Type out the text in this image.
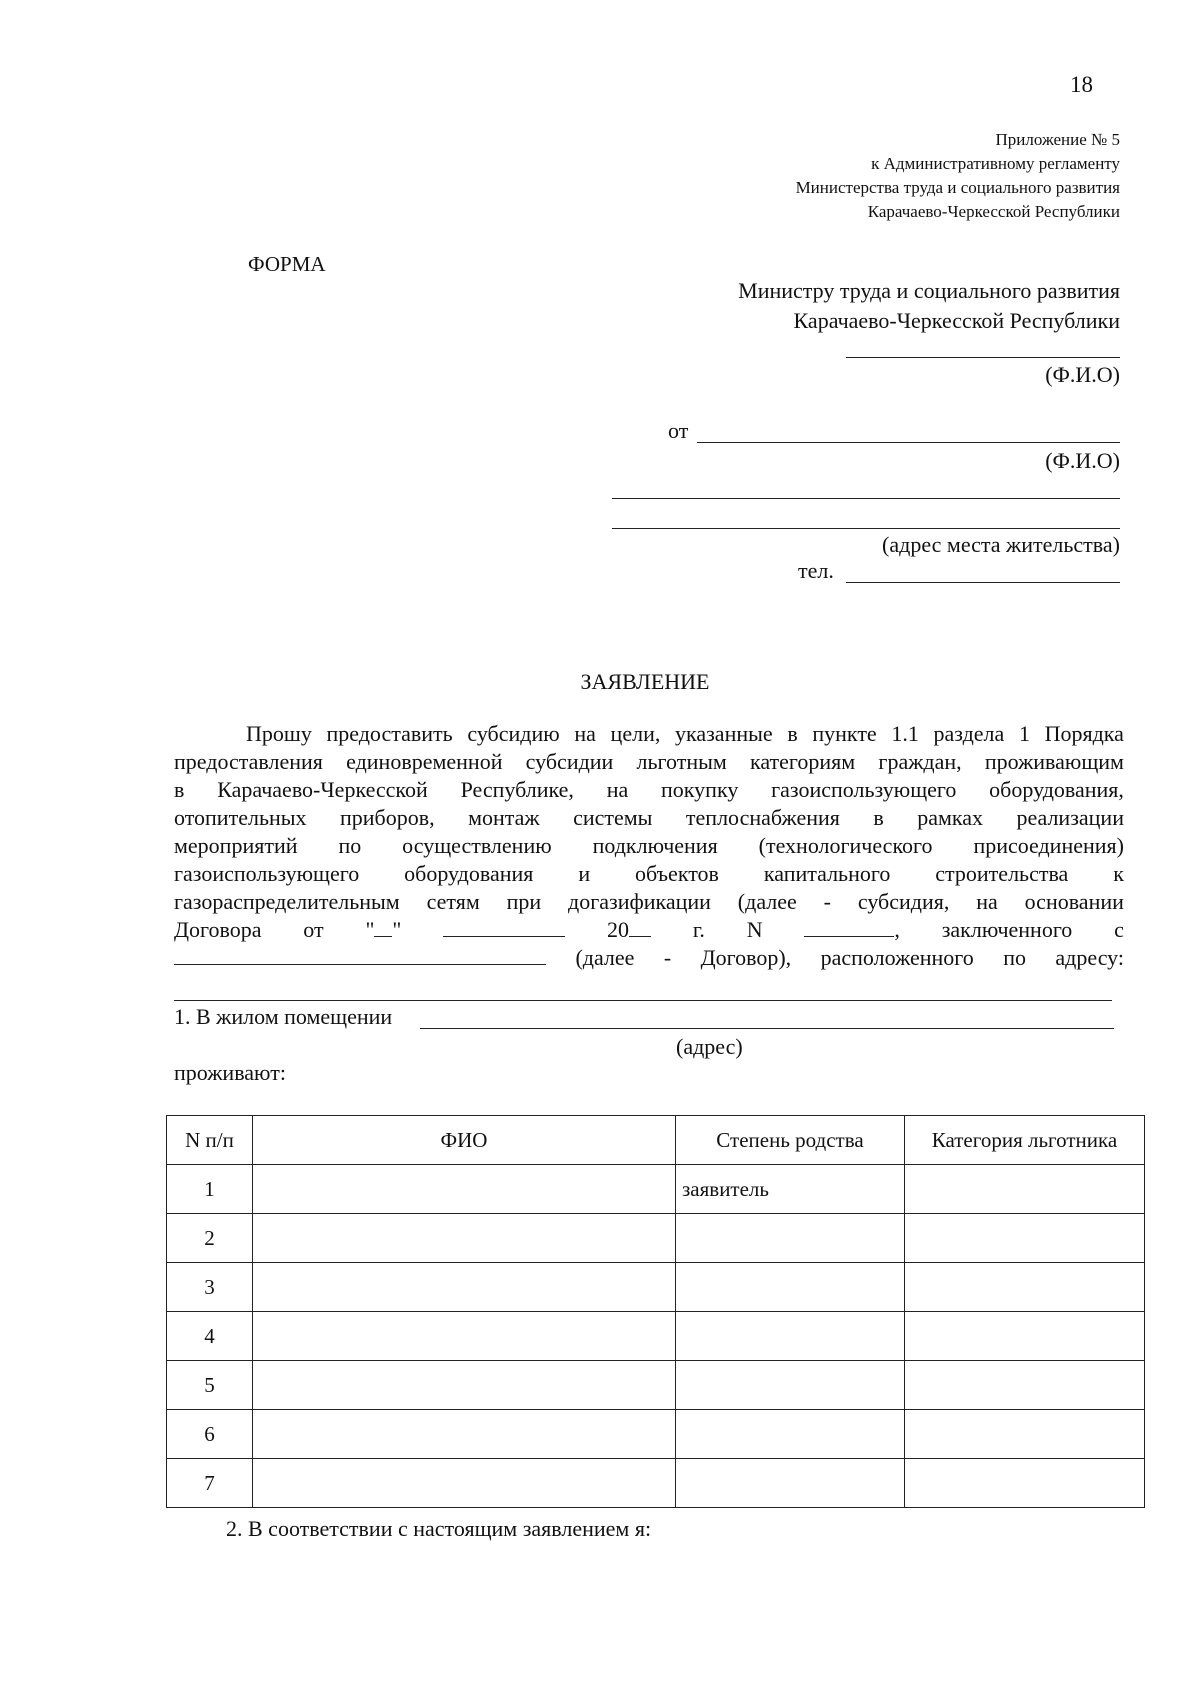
18
Приложение № 5
к Административному регламенту
Министерства труда и социального развития
Карачаево-Черкесской Республики
ФОРМА
Министру труда и социального развития
Карачаево-Черкесской Республики
(Ф.И.О)
от
(Ф.И.О)
(адрес места жительства)
тел.
ЗАЯВЛЕНИЕ
Прошу предоставить субсидию на цели, указанные в пункте 1.1 раздела 1 Порядка
предоставления единовременной субсидии льготным категориям граждан, проживающим
в Карачаево-Черкесской Республике, на покупку газоиспользующего оборудования,
отопительных приборов, монтаж системы теплоснабжения в рамках реализации
мероприятий по осуществлению подключения (технологического присоединения)
газоиспользующего оборудования и объектов капитального строительства к
газораспределительным сетям при догазификации (далее - субсидия, на основании
Договора от " "	20	г. N	, заключенного с
(далее - Договор), расположенного по адресу:
1. В жилом помещении
(адрес)
проживают:
N п/п	ФИО	Степень родства	Категория льготника
1		заявитель	
2			
3			
4			
5			
6			
7			
2. В соответствии с настоящим заявлением я:
